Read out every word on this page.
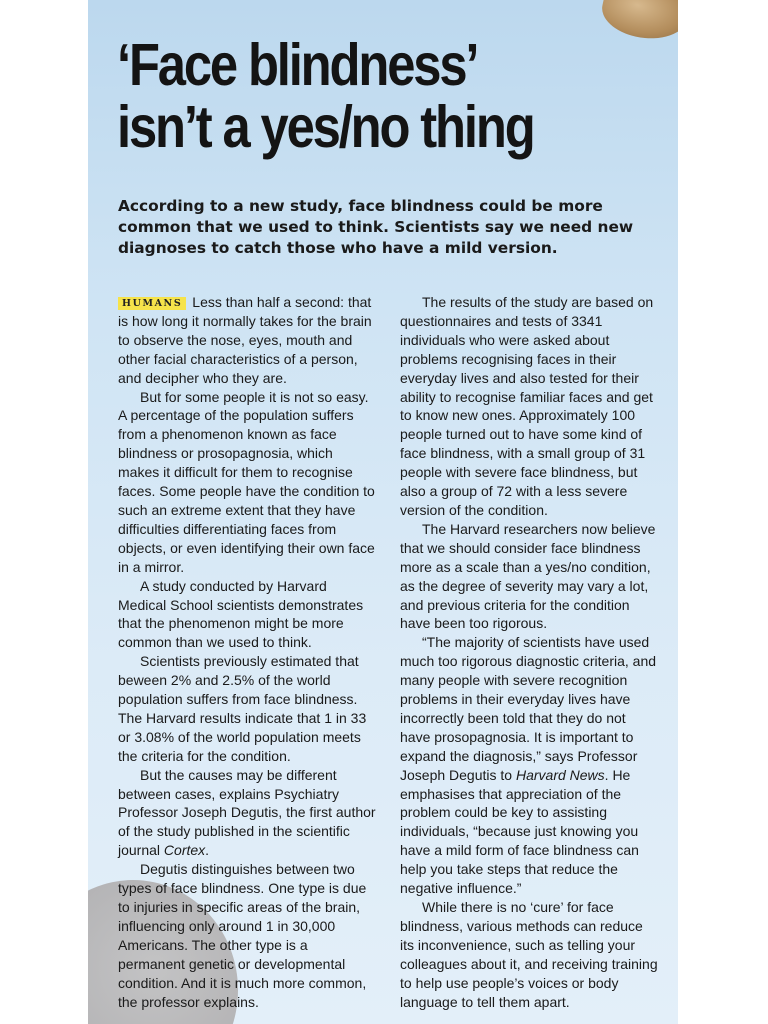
‘Face blindness’
isn’t a yes/no thing
According to a new study, face blindness could be more common that we used to think. Scientists say we need new diagnoses to catch those who have a mild version.

HUMANS Less than half a second: that is how long it normally takes for the brain to observe the nose, eyes, mouth and other facial characteristics of a person, and decipher who they are.

But for some people it is not so easy. A percentage of the population suffers from a phenomenon known as face blindness or prosopagnosia, which makes it difficult for them to recognise faces. Some people have the condition to such an extreme extent that they have difficulties differentiating faces from objects, or even identifying their own face in a mirror.

A study conducted by Harvard Medical School scientists demonstrates that the phenomenon might be more common than we used to think.

Scientists previously estimated that beween 2% and 2.5% of the world population suffers from face blindness. The Harvard results indicate that 1 in 33 or 3.08% of the world population meets the criteria for the condition.

But the causes may be different between cases, explains Psychiatry Professor Joseph Degutis, the first author of the study published in the scientific journal Cortex.

Degutis distinguishes between two types of face blindness. One type is due to injuries in specific areas of the brain, influencing only around 1 in 30,000 Americans. The other type is a permanent genetic or developmental condition. And it is much more common, the professor explains.

The results of the study are based on questionnaires and tests of 3341 individuals who were asked about problems recognising faces in their everyday lives and also tested for their ability to recognise familiar faces and get to know new ones. Approximately 100 people turned out to have some kind of face blindness, with a small group of 31 people with severe face blindness, but also a group of 72 with a less severe version of the condition.

The Harvard researchers now believe that we should consider face blindness more as a scale than a yes/no condition, as the degree of severity may vary a lot, and previous criteria for the condition have been too rigorous.

“The majority of scientists have used much too rigorous diagnostic criteria, and many people with severe recognition problems in their everyday lives have incorrectly been told that they do not have prosopagnosia. It is important to expand the diagnosis,” says Professor Joseph Degutis to Harvard News. He emphasises that appreciation of the problem could be key to assisting individuals, “because just knowing you have a mild form of face blindness can help you take steps that reduce the negative influence.”

While there is no ‘cure’ for face blindness, various methods can reduce its inconvenience, such as telling your colleagues about it, and receiving training to help use people’s voices or body language to tell them apart.
